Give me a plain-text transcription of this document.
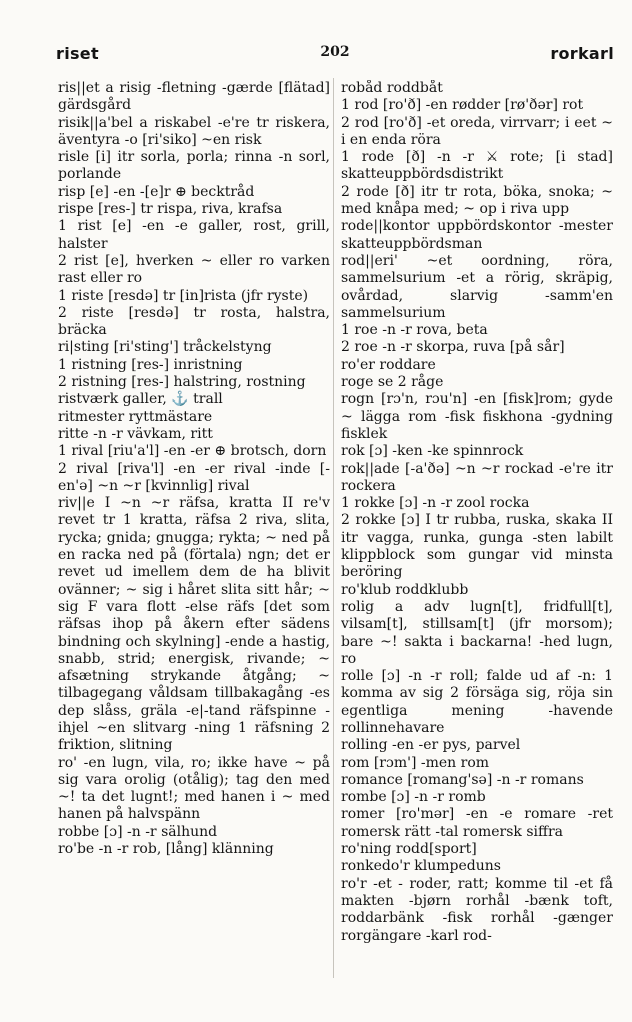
riset	202	rorkarl
ris||et a risig -fletning -gærde [flätad] gärdsgård
risik||a'bel a riskabel -e're tr riskera, äventyra -o [ri'siko] ~en risk
risle [i] itr sorla, porla; rinna -n sorl, porlande
risp [e] -en -[e]r ⊕ becktråd
rispe [res-] tr rispa, riva, krafsa
1 rist [e] -en -e galler, rost, grill, halster
2 rist [e], hverken ~ eller ro varken rast eller ro
1 riste [resdə] tr [in]rista (jfr ryste)
2 riste [resdə] tr rosta, halstra, bräcka
ri|sting [ri'sting'] tråckelstyng
1 ristning [res-] inristning
2 ristning [res-] halstring, rostning
ristværk galler, ⚓ trall
ritmester ryttmästare
ritte -n -r vävkam, ritt
1 rival [riu'a'l] -en -er ⊕ brotsch, dorn
2 rival [riva'l] -en -er rival -inde [-en'ə] ~n ~r [kvinnlig] rival
riv||e I ~n ~r räfsa, kratta II re'v revet tr 1 kratta, räfsa 2 riva, slita, rycka; gnida; gnugga; rykta; ~ ned på en racka ned på (förtala) ngn; det er revet ud imellem dem de ha blivit ovänner; ~ sig i håret slita sitt hår; ~ sig F vara flott -else räfs [det som räfsas ihop på åkern efter sädens bindning och skylning] -ende a hastig, snabb, strid; energisk, rivande; ~ afsætning strykande åtgång; ~ tilbagegang våldsam tillbakagång -es dep slåss, gräla -e|-tand räfspinne -ihjel ~en slitvarg -ning 1 räfsning 2 friktion, slitning
ro' -en lugn, vila, ro; ikke have ~ på sig vara orolig (otålig); tag den med ~! ta det lugnt!; med hanen i ~ med hanen på halvspänn
robbe [ɔ] -n -r sälhund
ro'be -n -r rob, [lång] klänning
robåd roddbåt
1 rod [ro'ð] -en rødder [rø'ðər] rot
2 rod [ro'ð] -et oreda, virrvarr; i eet ~ i en enda röra
1 rode [ð] -n -r ⚔ rote; [i stad] skatteuppbördsdistrikt
2 rode [ð] itr tr rota, böka, snoka; ~ med knåpa med; ~ op i riva upp
rode||kontor uppbördskontor -mester skatteuppbördsman
rod||eri' ~et oordning, röra, sammelsurium -et a rörig, skräpig, ovårdad, slarvig -samm'en sammelsurium
1 roe -n -r rova, beta
2 roe -n -r skorpa, ruva [på sår]
ro'er roddare
roge se 2 råge
rogn [rɔ'n, rɔu'n] -en [fisk]rom; gyde ~ lägga rom -fisk fiskhona -gydning fisklek
rok [ɔ] -ken -ke spinnrock
rok||ade [-a'ðə] ~n ~r rockad -e're itr rockera
1 rokke [ɔ] -n -r zool rocka
2 rokke [ɔ] I tr rubba, ruska, skaka II itr vagga, runka, gunga -sten labilt klippblock som gungar vid minsta beröring
ro'klub roddklubb
rolig a adv lugn[t], fridfull[t], vilsam[t], stillsam[t] (jfr morsom); bare ~! sakta i backarna! -hed lugn, ro
rolle [ɔ] -n -r roll; falde ud af -n: 1 komma av sig 2 försäga sig, röja sin egentliga mening -havende rollinnehavare
rolling -en -er pys, parvel
rom [rɔm'] -men rom
romance [romang'sə] -n -r romans
rombe [ɔ] -n -r romb
romer [ro'mər] -en -e romare -ret romersk rätt -tal romersk siffra
ro'ning rodd[sport]
ronkedo'r klumpeduns
ro'r -et - roder, ratt; komme til -et få makten -bjørn rorhål -bænk toft, roddarbänk -fisk rorhål -gænger rorgängare -karl rod-
